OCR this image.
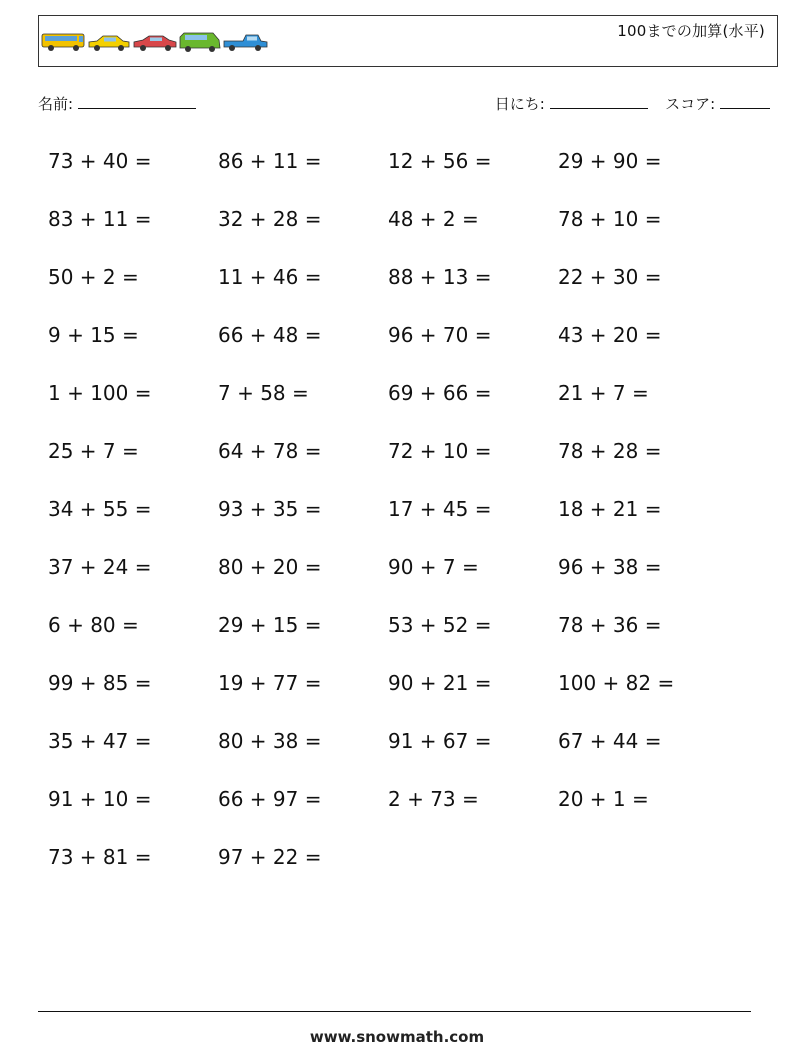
100までの加算(水平)
名前:	日にち:	スコア:
73 + 40 =	86 + 11 =	12 + 56 =	29 + 90 =
83 + 11 =	32 + 28 =	48 + 2 =	78 + 10 =
50 + 2 =	11 + 46 =	88 + 13 =	22 + 30 =
9 + 15 =	66 + 48 =	96 + 70 =	43 + 20 =
1 + 100 =	7 + 58 =	69 + 66 =	21 + 7 =
25 + 7 =	64 + 78 =	72 + 10 =	78 + 28 =
34 + 55 =	93 + 35 =	17 + 45 =	18 + 21 =
37 + 24 =	80 + 20 =	90 + 7 =	96 + 38 =
6 + 80 =	29 + 15 =	53 + 52 =	78 + 36 =
99 + 85 =	19 + 77 =	90 + 21 =	100 + 82 =
35 + 47 =	80 + 38 =	91 + 67 =	67 + 44 =
91 + 10 =	66 + 97 =	2 + 73 =	20 + 1 =
73 + 81 =	97 + 22 =
www.snowmath.com
